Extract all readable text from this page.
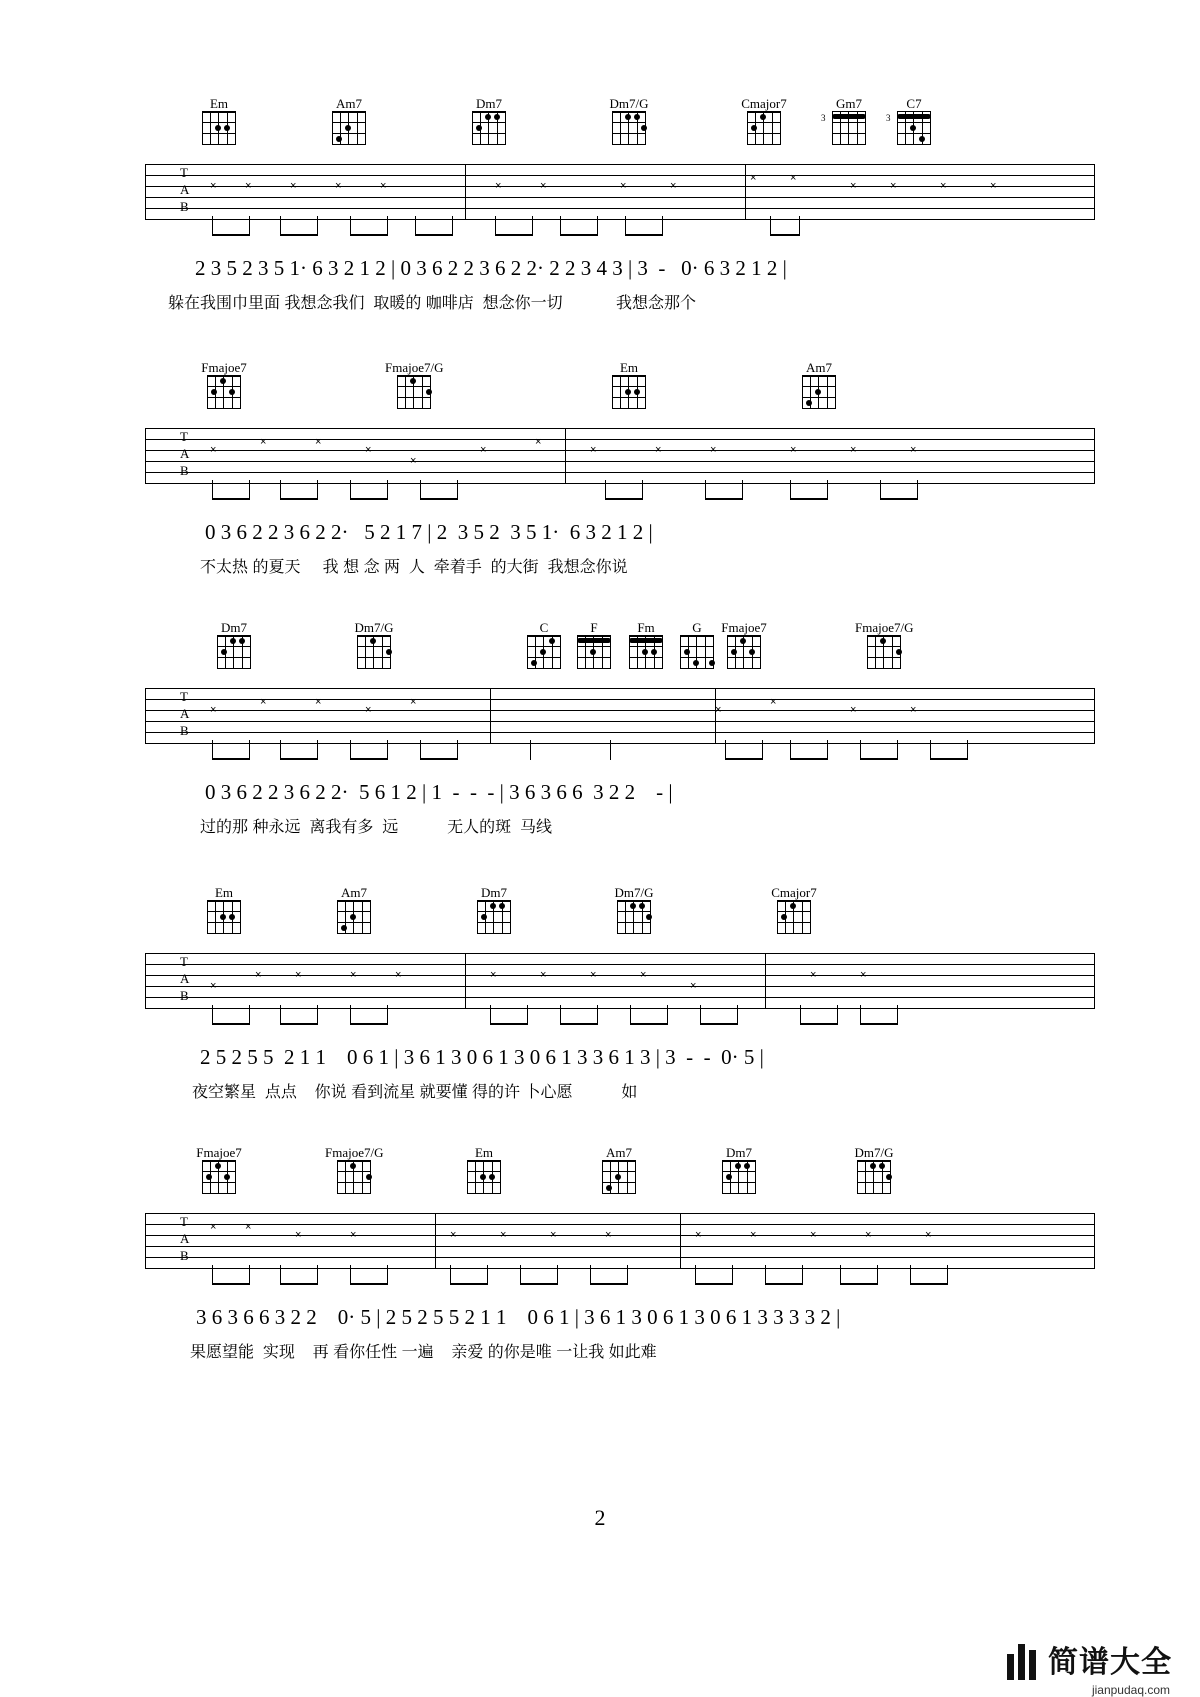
Em	Am7	Dm7	Dm7/G	Cmajor7	Gm7
3
C7
3
T
A
B
×	×	×	×	×	×	×	×	×
×	×
×	×	×	×
2 3 5 2 3 5 1· 6 3 2 1 2 | 0 3 6 2 2 3 6 2 2· 2 2 3 4 3 | 3  -   0· 6 3 2 1 2 |
躲在我围巾里面 我想念我们  取暖的 咖啡店  想念你一切            我想念那个
Fmajoe7	Fmajoe7/G	Em	Am7
T
A
B
×
×	×
×
×
×
×
×	×	×	×	×	×
0 3 6 2 2 3 6 2 2·   5 2 1 7 | 2  3 5 2  3 5 1·  6 3 2 1 2 |
不太热 的夏天     我 想 念 两  人  牵着手  的大街  我想念你说
Dm7	Dm7/G	C	F	Fm	G	Fmajoe7	Fmajoe7/G
T
A
B
×
×	×
×
×
×
×
×	×
0 3 6 2 2 3 6 2 2·  5 6 1 2 | 1  -  -  - | 3 6 3 6 6  3 2 2    - |
过的那 种永远  离我有多  远           无人的斑  马线
Em	Am7	Dm7	Dm7/G	Cmajor7
T
A
B
×
×	×	×	×	×	×	×	×
×
×	×
2 5 2 5 5  2 1 1    0 6 1 | 3 6 1 3 0 6 1 3 0 6 1 3 3 6 1 3 | 3  -  -  0· 5 |
夜空繁星  点点    你说 看到流星 就要懂 得的许 卜心愿           如
Fmajoe7	Fmajoe7/G	Em	Am7	Dm7	Dm7/G
T
A
B
×	×
×	×	×	×	×	×	×	×	×	×	×
3 6 3 6 6 3 2 2    0· 5 | 2 5 2 5 5 2 1 1    0 6 1 | 3 6 1 3 0 6 1 3 0 6 1 3 3 3 3 2 |
果愿望能  实现    再 看你任性 一遍    亲爱 的你是唯 一让我 如此难
2
简谱大全
jianpudaq.com
